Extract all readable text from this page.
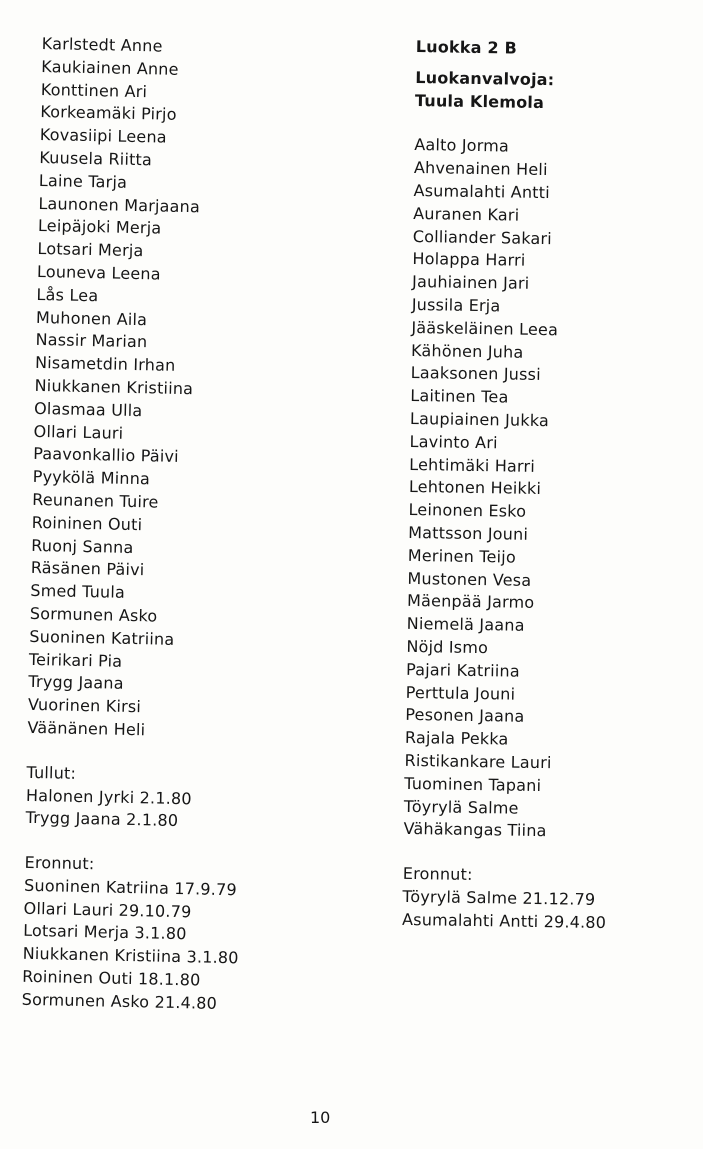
Karlstedt Anne
Kaukiainen Anne
Konttinen Ari
Korkeamäki Pirjo
Kovasiipi Leena
Kuusela Riitta
Laine Tarja
Launonen Marjaana
Leipäjoki Merja
Lotsari Merja
Louneva Leena
Lås Lea
Muhonen Aila
Nassir Marian
Nisametdin Irhan
Niukkanen Kristiina
Olasmaa Ulla
Ollari Lauri
Paavonkallio Päivi
Pyykölä Minna
Reunanen Tuire
Roininen Outi
Ruonj Sanna
Räsänen Päivi
Smed Tuula
Sormunen Asko
Suoninen Katriina
Teirikari Pia
Trygg Jaana
Vuorinen Kirsi
Väänänen Heli
Tullut:
Halonen Jyrki 2.1.80
Trygg Jaana 2.1.80
Eronnut:
Suoninen Katriina 17.9.79
Ollari Lauri 29.10.79
Lotsari Merja 3.1.80
Niukkanen Kristiina 3.1.80
Roininen Outi 18.1.80
Sormunen Asko 21.4.80
Luokka 2 B
Luokanvalvoja:
Tuula Klemola
Aalto Jorma
Ahvenainen Heli
Asumalahti Antti
Auranen Kari
Colliander Sakari
Holappa Harri
Jauhiainen Jari
Jussila Erja
Jääskeläinen Leea
Kähönen Juha
Laaksonen Jussi
Laitinen Tea
Laupiainen Jukka
Lavinto Ari
Lehtimäki Harri
Lehtonen Heikki
Leinonen Esko
Mattsson Jouni
Merinen Teijo
Mustonen Vesa
Mäenpää Jarmo
Niemelä Jaana
Nöjd Ismo
Pajari Katriina
Perttula Jouni
Pesonen Jaana
Rajala Pekka
Ristikankare Lauri
Tuominen Tapani
Töyrylä Salme
Vähäkangas Tiina
Eronnut:
Töyrylä Salme 21.12.79
Asumalahti Antti 29.4.80
10
